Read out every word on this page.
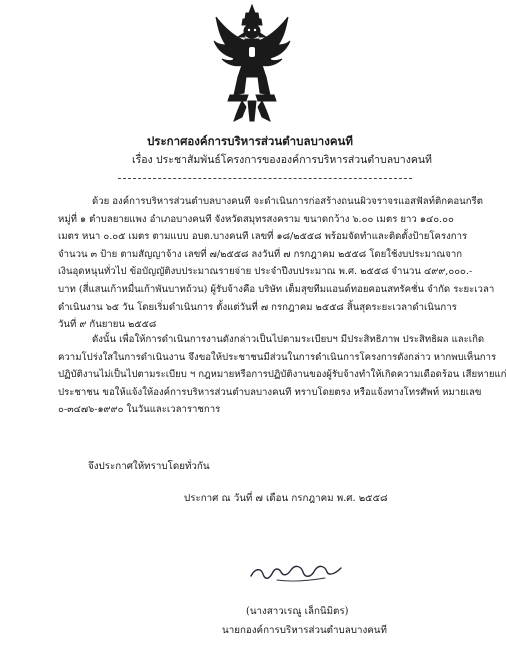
ประกาศองค์การบริหารส่วนตำบลบางคนที
เรื่อง ประชาสัมพันธ์โครงการขององค์การบริหารส่วนตำบลบางคนที
ด้วย องค์การบริหารส่วนตำบลบางคนที จะดำเนินการก่อสร้างถนนผิวจราจรแอสฟัลท์ติกคอนกรีต
หมู่ที่ ๑ ตำบลยายแพง อำเภอบางคนที จังหวัดสมุทรสงคราม ขนาดกว้าง ๖.๐๐ เมตร ยาว ๑๔๐.๐๐
เมตร หนา ๐.๐๕ เมตร ตามแบบ อบต.บางคนที เลขที่ ๑๘/๒๕๕๘ พร้อมจัดทำและติดตั้งป้ายโครงการ
จำนวน ๓ ป้าย ตามสัญญาจ้าง เลขที่ ๗/๒๕๕๘ ลงวันที่ ๗ กรกฎาคม ๒๕๕๘ โดยใช้งบประมาณจาก
เงินอุดหนุนทั่วไป ข้อบัญญัติงบประมาณรายจ่าย ประจำปีงบประมาณ พ.ศ. ๒๕๕๘ จำนวน ๔๙๙,๐๐๐.-
บาท (สี่แสนเก้าหมื่นเก้าพันบาทถ้วน) ผู้รับจ้างคือ บริษัท เต็มสุขทีมแอนด์ทอยคอนสทรัคชั่น จำกัด ระยะเวลา
ดำเนินงาน ๖๕ วัน โดยเริ่มดำเนินการ ตั้งแต่วันที่ ๗ กรกฎาคม ๒๕๕๘ สิ้นสุดระยะเวลาดำเนินการ
วันที่ ๙ กันยายน ๒๕๕๘
ดังนั้น เพื่อให้การดำเนินการงานดังกล่าวเป็นไปตามระเบียบฯ มีประสิทธิภาพ ประสิทธิผล และเกิด
ความโปร่งใสในการดำเนินงาน จึงขอให้ประชาชนมีส่วนในการดำเนินการโครงการดังกล่าว หากพบเห็นการ
ปฏิบัติงานไม่เป็นไปตามระเบียบ ฯ กฎหมายหรือการปฏิบัติงานของผู้รับจ้างทำให้เกิดความเดือดร้อน เสียหายแก่
ประชาชน ขอให้แจ้งให้องค์การบริหารส่วนตำบลบางคนที ทราบโดยตรง หรือแจ้งทางโทรศัพท์ หมายเลข
๐-๓๔๗๖-๑๙๙๐ ในวันและเวลาราชการ
จึงประกาศให้ทราบโดยทั่วกัน
ประกาศ ณ วันที่ ๗ เดือน กรกฎาคม พ.ศ. ๒๕๕๘
(นางสาวเรณู เล็กนิมิตร)
นายกองค์การบริหารส่วนตำบลบางคนที
